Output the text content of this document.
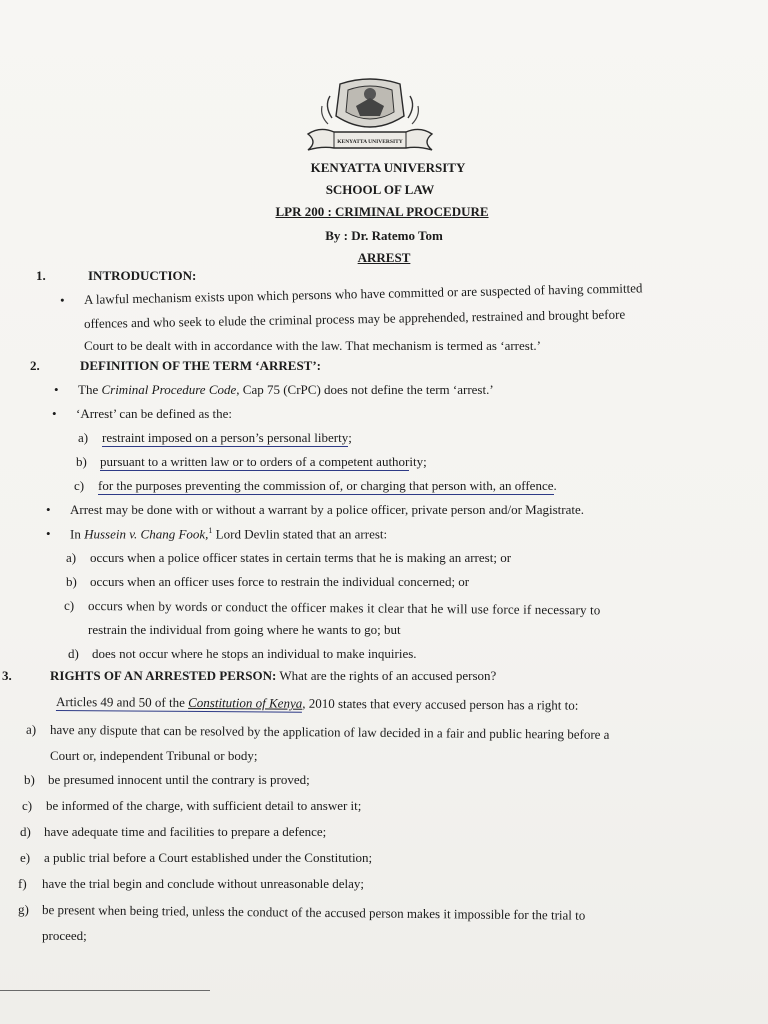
KENYATTA UNIVERSITY
KENYATTA UNIVERSITY
SCHOOL OF LAW
LPR 200 : CRIMINAL PROCEDURE
By : Dr. Ratemo Tom
ARREST
1.	INTRODUCTION:
• A lawful mechanism exists upon which persons who have committed or are suspected of having committed
offences and who seek to elude the criminal process may be apprehended, restrained and brought before
Court to be dealt with in accordance with the law. That mechanism is termed as ‘arrest.’
2.	DEFINITION OF THE TERM ‘ARREST’:
• The Criminal Procedure Code, Cap 75 (CrPC) does not define the term ‘arrest.’
• ‘Arrest’ can be defined as the:
a)	restraint imposed on a person’s personal liberty;
b)	pursuant to a written law or to orders of a competent authority;
c)	for the purposes preventing the commission of, or charging that person with, an offence.
• Arrest may be done with or without a warrant by a police officer, private person and/or Magistrate.
• In Hussein v. Chang Fook,$^1$ Lord Devlin stated that an arrest:
a)	occurs when a police officer states in certain terms that he is making an arrest; or
b)	occurs when an officer uses force to restrain the individual concerned; or
c)	occurs when by words or conduct the officer makes it clear that he will use force if necessary to
restrain the individual from going where he wants to go; but
d)	does not occur where he stops an individual to make inquiries.
3.	RIGHTS OF AN ARRESTED PERSON: What are the rights of an accused person?
Articles 49 and 50 of the Constitution of Kenya, 2010 states that every accused person has a right to:
a)	have any dispute that can be resolved by the application of law decided in a fair and public hearing before a
Court or, independent Tribunal or body;
b)	be presumed innocent until the contrary is proved;
c)	be informed of the charge, with sufficient detail to answer it;
d)	have adequate time and facilities to prepare a defence;
e)	a public trial before a Court established under the Constitution;
f)	have the trial begin and conclude without unreasonable delay;
g) be present when being tried, unless the conduct of the accused person makes it impossible for the trial to
proceed;
